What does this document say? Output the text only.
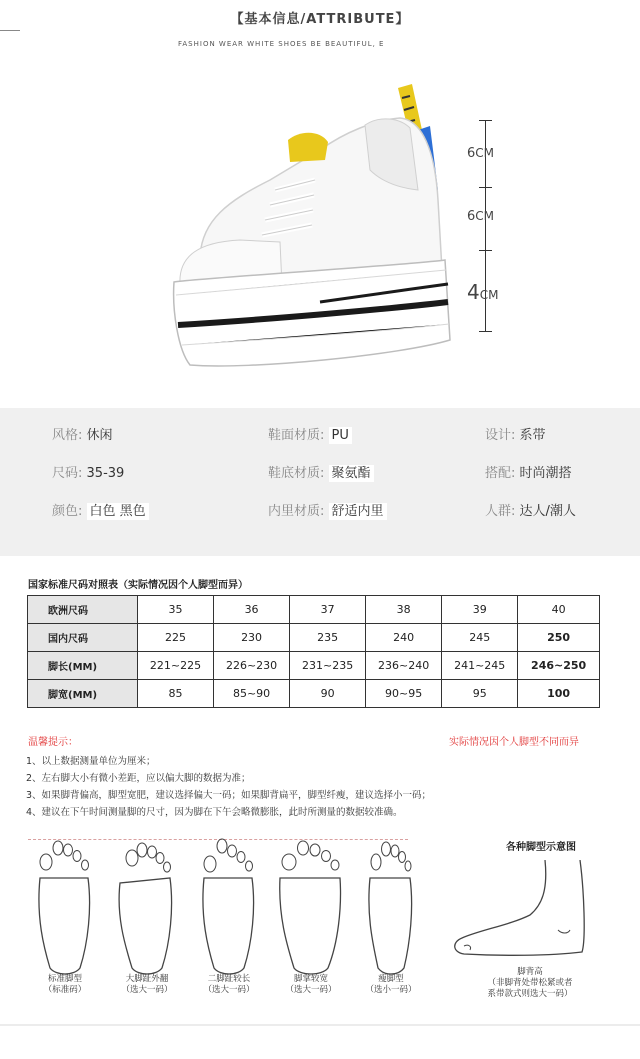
【基本信息/ATTRIBUTE】
FASHION WEAR WHITE SHOES BE BEAUTIFUL, E
6CM
6CM
4CM
风格: 休闲	鞋面材质: PU	设计: 系带
尺码: 35-39	鞋底材质: 聚氨酯	搭配: 时尚潮搭
颜色: 白色 黑色	内里材质: 舒适内里	人群: 达人/潮人
国家标准尺码对照表（实际情况因个人脚型而异）
欧洲尺码	35	36	37	38	39	40
国内尺码	225	230	235	240	245	250
脚长(MM)	221~225	226~230	231~235	236~240	241~245	246~250
脚宽(MM)	85	85~90	90	90~95	95	100
温馨提示：	实际情况因个人脚型不同而异
1、以上数据测量单位为厘米；
2、左右脚大小有微小差距，应以偏大脚的数据为准；
3、如果脚背偏高，脚型宽肥，建议选择偏大一码；如果脚背扁平，脚型纤瘦，建议选择小一码；
4、建议在下午时间测量脚的尺寸，因为脚在下午会略微膨胀，此时所测量的数据较准确。
标准脚型
（标准码）
大脚趾外翻
（选大一码）
二脚趾较长
（选大一码）
脚掌较宽
（选大一码）
瘦脚型
（选小一码）
各种脚型示意图
脚背高
（非脚背处带松紧或者
系带款式则选大一码）
